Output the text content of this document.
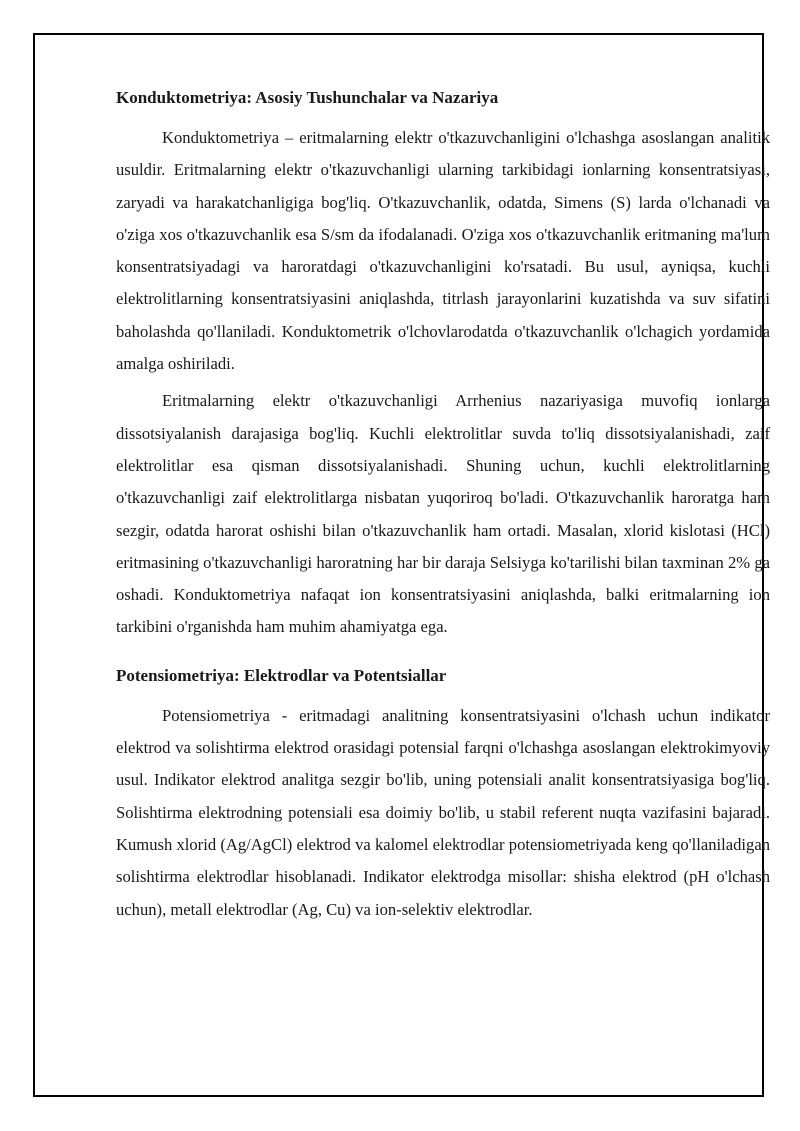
Konduktometriya: Asosiy Tushunchalar va Nazariya

Konduktometriya – eritmalarning elektr o'tkazuvchanligini o'lchashga asoslangan analitik usuldir. Eritmalarning elektr o'tkazuvchanligi ularning tarkibidagi ionlarning konsentratsiyasi, zaryadi va harakatchanligiga bog'liq. O'tkazuvchanlik, odatda, Simens (S) larda o'lchanadi va o'ziga xos o'tkazuvchanlik esa S/sm da ifodalanadi. O'ziga xos o'tkazuvchanlik eritmaning ma'lum konsentratsiyadagi va haroratdagi o'tkazuvchanligini ko'rsatadi. Bu usul, ayniqsa, kuchli elektrolitlarning konsentratsiyasini aniqlashda, titrlash jarayonlarini kuzatishda va suv sifatini baholashda qo'llaniladi. Konduktometrik o'lchovlarodatda o'tkazuvchanlik o'lchagich yordamida amalga oshiriladi.

Eritmalarning elektr o'tkazuvchanligi Arrhenius nazariyasiga muvofiq ionlarga dissotsiyalanish darajasiga bog'liq. Kuchli elektrolitlar suvda to'liq dissotsiyalanishadi, zaif elektrolitlar esa qisman dissotsiyalanishadi. Shuning uchun, kuchli elektrolitlarning o'tkazuvchanligi zaif elektrolitlarga nisbatan yuqoriroq bo'ladi. O'tkazuvchanlik haroratga ham sezgir, odatda harorat oshishi bilan o'tkazuvchanlik ham ortadi. Masalan, xlorid kislotasi (HCl) eritmasining o'tkazuvchanligi haroratning har bir daraja Selsiyga ko'tarilishi bilan taxminan 2% ga oshadi. Konduktometriya nafaqat ion konsentratsiyasini aniqlashda, balki eritmalarning ion tarkibini o'rganishda ham muhim ahamiyatga ega.

Potensiometriya: Elektrodlar va Potentsiallar

Potensiometriya - eritmadagi analitning konsentratsiyasini o'lchash uchun indikator elektrod va solishtirma elektrod orasidagi potensial farqni o'lchashga asoslangan elektrokimyoviy usul. Indikator elektrod analitga sezgir bo'lib, uning potensiali analit konsentratsiyasiga bog'liq. Solishtirma elektrodning potensiali esa doimiy bo'lib, u stabil referent nuqta vazifasini bajaradi. Kumush xlorid (Ag/AgCl) elektrod va kalomel elektrodlar potensiometriyada keng qo'llaniladigan solishtirma elektrodlar hisoblanadi. Indikator elektrodga misollar: shisha elektrod (pH o'lchash uchun), metall elektrodlar (Ag, Cu) va ion-selektiv elektrodlar.
